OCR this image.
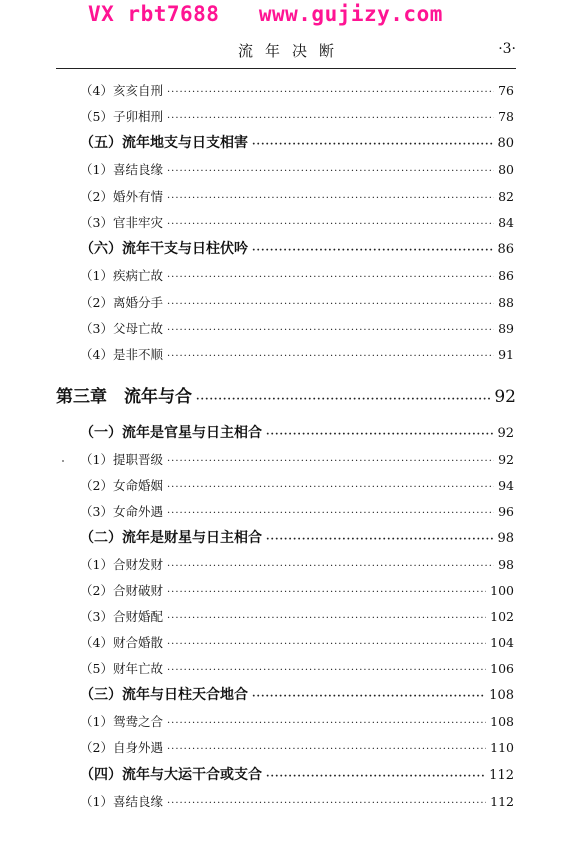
VX rbt7688   www.gujizy.com
流年决断	·3·
（4）亥亥自刑 ·····	76
（5）子卯相刑 ·····	78
（五）流年地支与日支相害 ·····	80
（1）喜结良缘 ·····	80
（2）婚外有情 ·····	82
（3）官非牢灾 ·····	84
（六）流年干支与日柱伏吟 ·····	86
（1）疾病亡故 ·····	86
（2）离婚分手 ·····	88
（3）父母亡故 ·····	89
（4）是非不顺 ·····	91
第三章　流年与合 ·····	92
（一）流年是官星与日主相合 ·····	92
（1）提职晋级 ·····	92
（2）女命婚姻 ·····	94
（3）女命外遇 ·····	96
（二）流年是财星与日主相合 ·····	98
（1）合财发财 ·····	98
（2）合财破财 ·····	100
（3）合财婚配 ·····	102
（4）财合婚散 ·····	104
（5）财年亡故 ·····	106
（三）流年与日柱天合地合 ·····	108
（1）鸳鸯之合 ·····	108
（2）自身外遇 ·····	110
（四）流年与大运干合或支合 ·····	112
（1）喜结良缘 ·····	112
